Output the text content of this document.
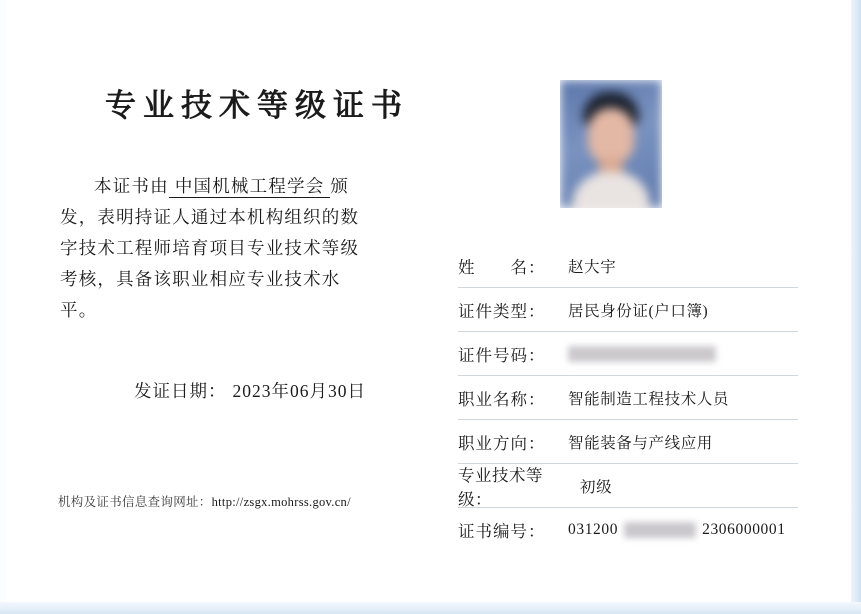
专业技术等级证书

本证书由 中国机械工程学会 颁发，表明持证人通过本机构组织的数字技术工程师培育项目专业技术等级考核，具备该职业相应专业技术水平。

发证日期： 2023年06月30日
机构及证书信息查询网址：http://zsgx.mohrss.gov.cn/
姓　　名：	赵大宇
证件类型：	居民身份证(户口簿)
证件号码：
职业名称：	智能制造工程技术人员
职业方向：	智能装备与产线应用
专业技术等级：
初级
证书编号：	031200	2306000001
